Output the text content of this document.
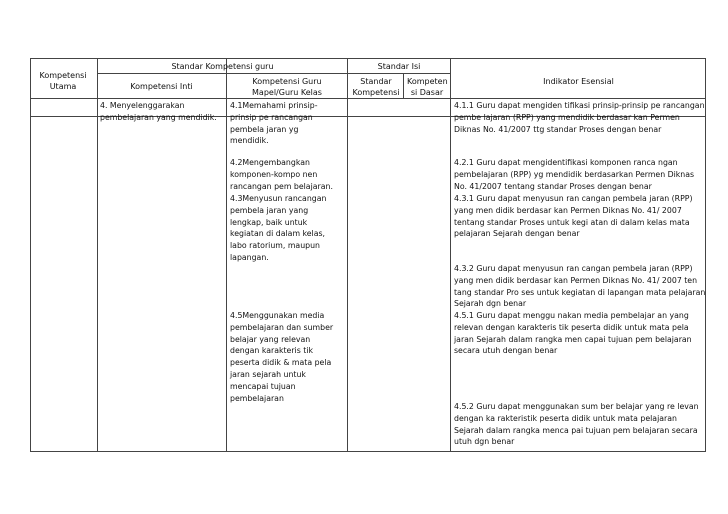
Kompetensi Utama
Standar Kompetensi guru	Standar Isi
Kompetensi Inti
Kompetensi Guru Mapel/Guru Kelas
Standar Kompetensi
Kompeten si Dasar
Indikator Esensial
4. Menyelenggarakan pembelajaran yang mendidik.
4.1Memahami prinsip-prinsip pe rancangan pembela jaran yg mendidik.
4.2Mengembangkan komponen-kompo nen rancangan pem belajaran.
4.3Menyusun rancangan pembela jaran yang lengkap, baik untuk kegiatan di dalam kelas, labo ratorium, maupun lapangan.
4.5Menggunakan media pembelajaran dan sumber belajar yang relevan dengan karakteris tik peserta didik & mata pela jaran sejarah untuk mencapai tujuan pembelajaran
4.1.1 Guru dapat mengiden tifikasi prinsip-prinsip pe rancangan pembe lajaran (RPP) yang mendidik berdasar kan Permen Diknas No. 41/2007 ttg standar Proses dengan benar
4.2.1 Guru dapat mengidentifikasi komponen ranca ngan pembelajaran (RPP) yg mendidik berdasarkan Permen Diknas No. 41/2007 tentang standar Proses dengan benar
4.3.1 Guru dapat menyusun ran cangan pembela jaran (RPP) yang men didik berdasar kan Permen Diknas No. 41/ 2007 tentang standar Proses untuk kegi atan di dalam kelas mata pelajaran Sejarah dengan benar
4.3.2 Guru dapat menyusun ran cangan pembela jaran (RPP) yang men didik berdasar kan Permen Diknas No. 41/ 2007 ten tang standar Pro ses untuk kegiatan di lapangan mata pelajaran Sejarah dgn benar
4.5.1 Guru dapat menggu nakan media pembelajar an yang relevan dengan karakteris tik peserta didik untuk mata pela jaran Sejarah dalam rangka men capai tujuan pem belajaran secara utuh dengan benar
4.5.2 Guru dapat menggunakan sum ber belajar yang re levan dengan ka rakteristik peserta didik untuk mata pelajaran Sejarah dalam rangka menca pai tujuan pem belajaran secara utuh dgn benar
